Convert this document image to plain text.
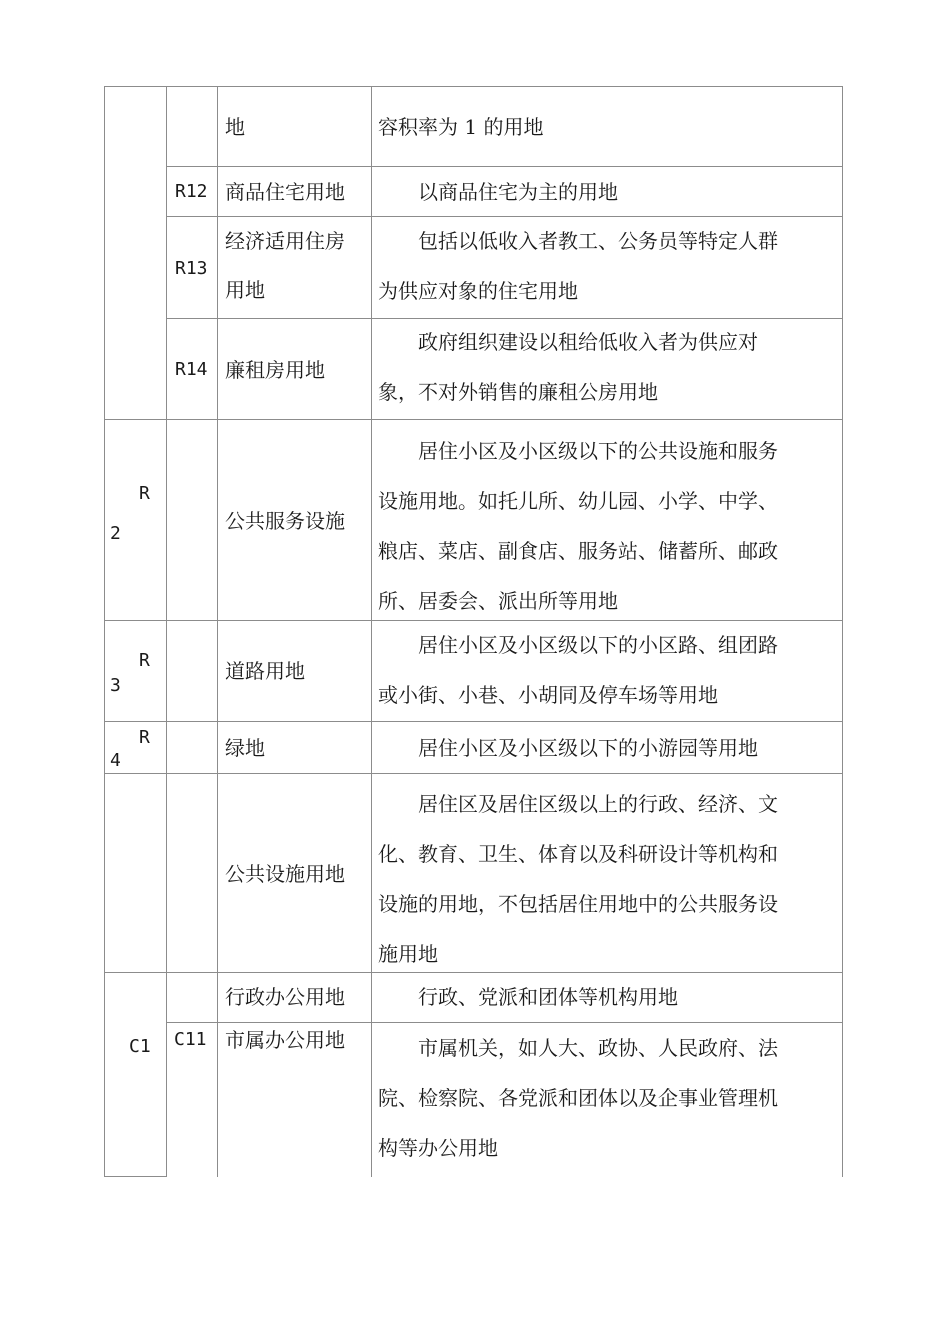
地	容积率为 1 的用地

R12 商品住宅用地 　　以商品住宅为主的用地

R13
经济适用住房
用地

　　包括以低收入者教工、公务员等特定人群

为供应对象的住宅用地

R14 廉租房用地

　　政府组织建设以租给低收入者为供应对

象，不对外销售的廉租公房用地

R
2
公共服务设施

　　居住小区及小区级以下的公共设施和服务

设施用地。如托儿所、幼儿园、小学、中学、

粮店、菜店、副食店、服务站、储蓄所、邮政

所、居委会、派出所等用地

R
3
道路用地

　　居住小区及小区级以下的小区路、组团路

或小街、小巷、小胡同及停车场等用地

R
4
绿地	　　居住小区及小区级以下的小游园等用地

公共设施用地

　　居住区及居住区级以上的行政、经济、文

化、教育、卫生、体育以及科研设计等机构和

设施的用地，不包括居住用地中的公共服务设

施用地

C1
行政办公用地 　　行政、党派和团体等机构用地

C11 市属办公用地 　　市属机关，如人大、政协、人民政府、法

院、检察院、各党派和团体以及企事业管理机

构等办公用地
